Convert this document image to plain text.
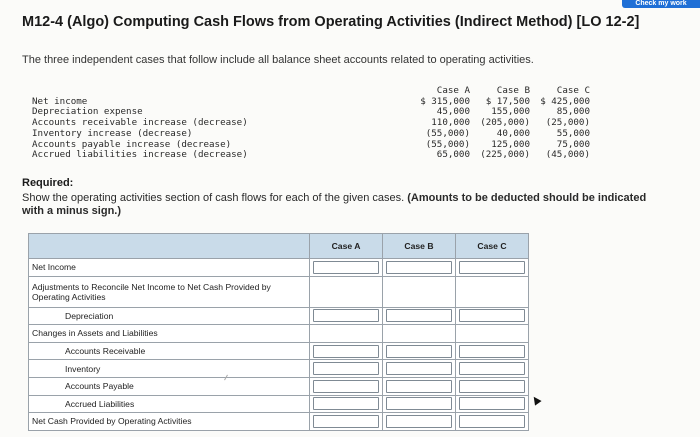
Check my work
M12-4 (Algo) Computing Cash Flows from Operating Activities (Indirect Method) [LO 12-2]
The three independent cases that follow include all balance sheet accounts related to operating activities.
Case A	Case B	Case C
Net income	$ 315,000	$ 17,500	$ 425,000
Depreciation expense	45,000	155,000	85,000
Accounts receivable increase (decrease)	110,000	(205,000)	(25,000)
Inventory increase (decrease)	(55,000)	40,000	55,000
Accounts payable increase (decrease)	(55,000)	125,000	75,000
Accrued liabilities increase (decrease)	65,000	(225,000)	(45,000)
Required:
Show the operating activities section of cash flows for each of the given cases. (Amounts to be deducted should be indicated with a minus sign.)
	Case A	Case B	Case C
Net Income	

Adjustments to Reconcile Net Income to Net Cash Provided by Operating Activities			
Depreciation	

Changes in Assets and Liabilities			
Accounts Receivable	

Inventory	

Accounts Payable	

Accrued Liabilities	

Net Cash Provided by Operating Activities	
